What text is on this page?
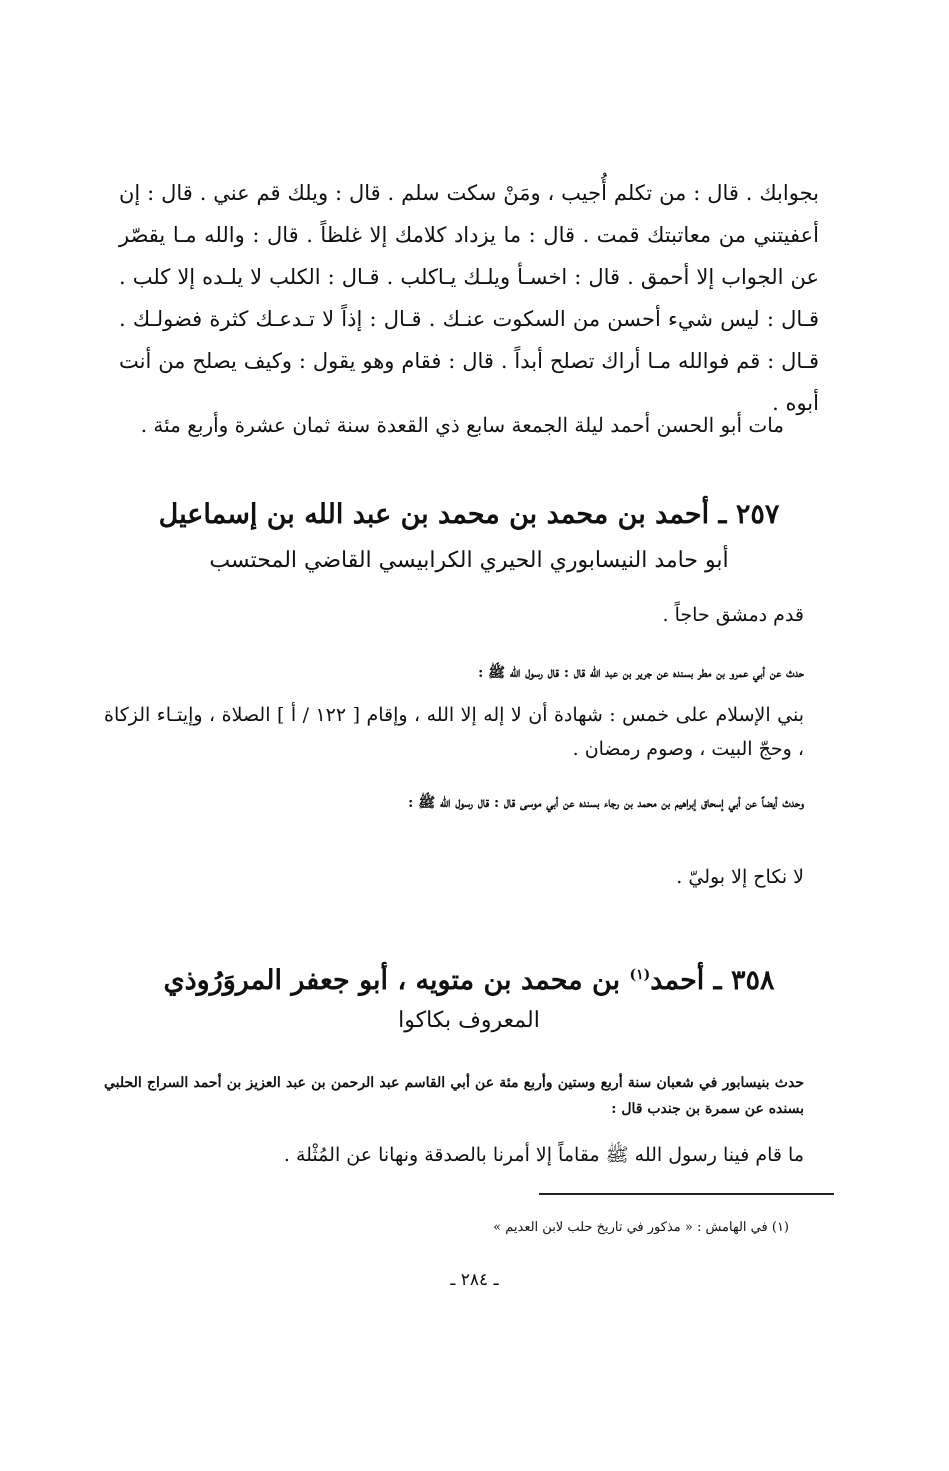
بجوابك . قال : من تكلم أُجيب ، ومَنْ سكت سلم . قال : ويلك قم عني . قال : إن أعفيتني من معاتبتك قمت . قال : ما يزداد كلامك إلا غلظاً . قال : والله مـا يقصّر عن الجواب إلا أحمق . قال : اخسـأ ويلـك يـاكلب . قـال : الكلب لا يلـده إلا كلب . قـال : ليس شيء أحسن من السكوت عنـك . قـال : إذاً لا تـدعـك كثرة فضولـك . قـال : قم فوالله مـا أراك تصلح أبداً . قال : فقام وهو يقول : وكيف يصلح من أنت أبوه .

مات أبو الحسن أحمد ليلة الجمعة سابع ذي القعدة سنة ثمان عشرة وأربع مئة .

٢٥٧ ـ أحمد بن محمد بن محمد بن عبد الله بن إسماعيل
أبو حامد النيسابوري الحيري الكرابيسي القاضي المحتسب

قدم دمشق حاجاً .

حدث عن أبي عمرو بن مطر بسنده عن جرير بن عبد الله قال : قال رسول الله ﷺ :

بني الإسلام على خمس : شهادة أن لا إله إلا الله ، وإقام [ ١٢٢ / أ ] الصلاة ، وإيتـاء الزكاة ، وحجّ البيت ، وصوم رمضان .

وحدث أيضاً عن أبي إسحاق إبراهيم بن محمد بن رجاء بسنده عن أبي موسى قال : قال رسول الله ﷺ :

لا نكاح إلا بوليّ .

٣٥٨ ـ أحمد$^{(١)}$ بن محمد بن متويه ، أبو جعفر المروَرُوذي
المعروف بكاكوا

حدث بنيسابور في شعبان سنة أربع وستين وأربع مئة عن أبي القاسم عبد الرحمن بن عبد العزيز بن أحمد السراج الحلبي بسنده عن سمرة بن جندب قال :

ما قام فينا رسول الله ﷺ مقاماً إلا أمرنا بالصدقة ونهانا عن المُثْلة .

(١) في الهامش : « مذكور في تاريخ حلب لابن العديم »
ـ ٢٨٤ ـ
